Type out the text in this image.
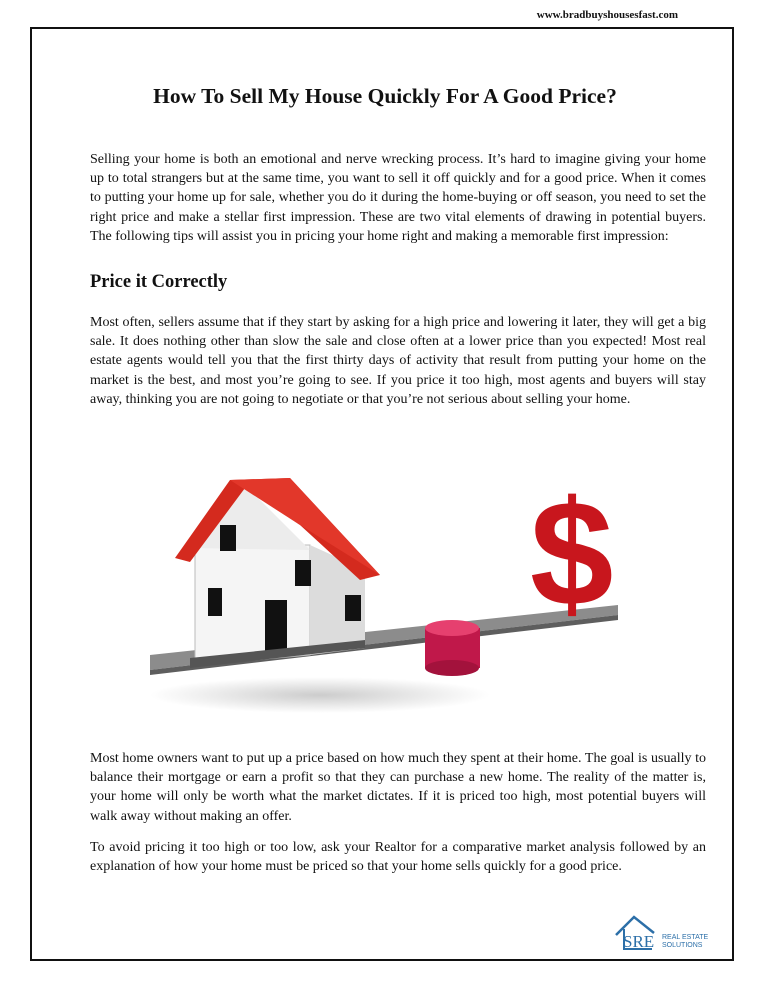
www.bradbuyshousesfast.com
How To Sell My House Quickly For A Good Price?

Selling your home is both an emotional and nerve wrecking process. It’s hard to imagine giving your home up to total strangers but at the same time, you want to sell it off quickly and for a good price. When it comes to putting your home up for sale, whether you do it during the home-buying or off season, you need to set the right price and make a stellar first impression. These are two vital elements of drawing in potential buyers. The following tips will assist you in pricing your home right and making a memorable first impression:

Price it Correctly

Most often, sellers assume that if they start by asking for a high price and lowering it later, they will get a big sale. It does nothing other than slow the sale and close often at a lower price than you expected! Most real estate agents would tell you that the first thirty days of activity that result from putting your home on the market is the best, and most you’re going to see. If you price it too high, most agents and buyers will stay away, thinking you are not going to negotiate or that you’re not serious about selling your home.

$

Most home owners want to put up a price based on how much they spent at their home. The goal is usually to balance their mortgage or earn a profit so that they can purchase a new home. The reality of the matter is, your home will only be worth what the market dictates. If it is priced too high, most potential buyers will walk away without making an offer.

To avoid pricing it too high or too low, ask your Realtor for a comparative market analysis followed by an explanation of how your home must be priced so that your home sells quickly for a good price.

SRE REAL ESTATE
SOLUTIONS
